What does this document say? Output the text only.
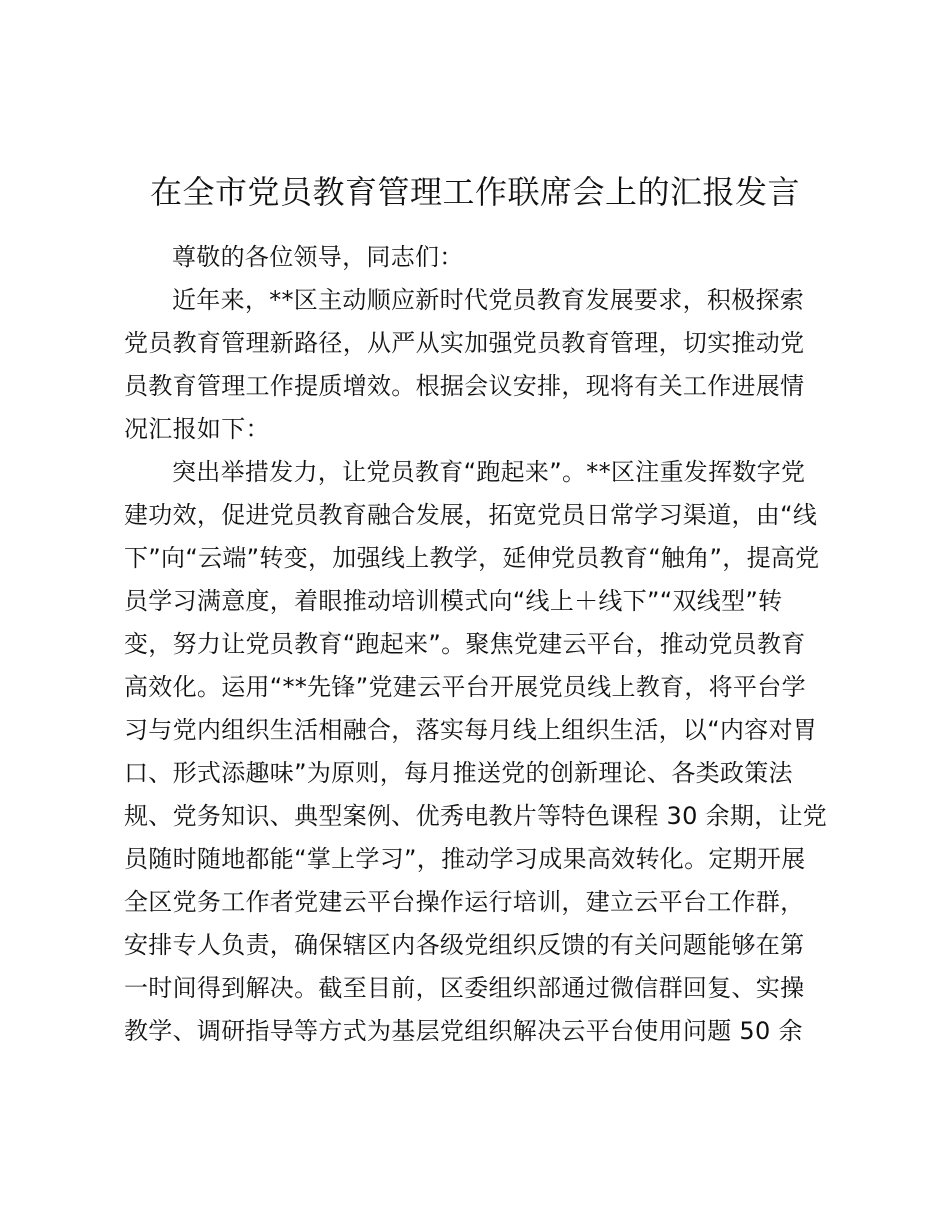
在全市党员教育管理工作联席会上的汇报发言
尊敬的各位领导，同志们：
近年来，**区主动顺应新时代党员教育发展要求，积极探索
党员教育管理新路径，从严从实加强党员教育管理，切实推动党
员教育管理工作提质增效。根据会议安排，现将有关工作进展情
况汇报如下：
突出举措发力，让党员教育“跑起来”。**区注重发挥数字党
建功效，促进党员教育融合发展，拓宽党员日常学习渠道，由“线
下”向“云端”转变，加强线上教学，延伸党员教育“触角”，提高党
员学习满意度，着眼推动培训模式向“线上＋线下”“双线型”转
变，努力让党员教育“跑起来”。聚焦党建云平台，推动党员教育
高效化。运用“**先锋”党建云平台开展党员线上教育，将平台学
习与党内组织生活相融合，落实每月线上组织生活，以“内容对胃
口、形式添趣味”为原则，每月推送党的创新理论、各类政策法
规、党务知识、典型案例、优秀电教片等特色课程 30 余期，让党
员随时随地都能“掌上学习”，推动学习成果高效转化。定期开展
全区党务工作者党建云平台操作运行培训，建立云平台工作群，
安排专人负责，确保辖区内各级党组织反馈的有关问题能够在第
一时间得到解决。截至目前，区委组织部通过微信群回复、实操
教学、调研指导等方式为基层党组织解决云平台使用问题 50 余
